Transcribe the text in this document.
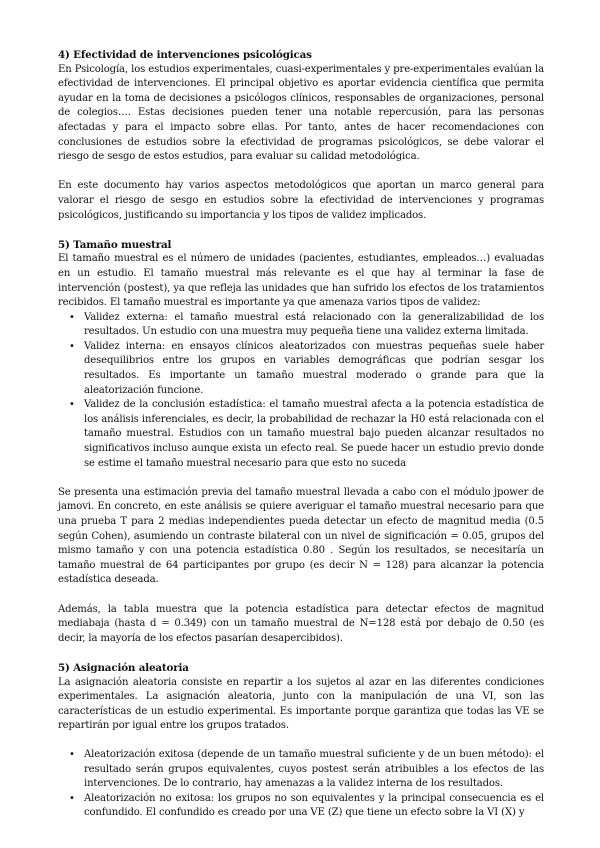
4) Efectividad de intervenciones psicológicas

En Psicología, los estudios experimentales, cuasi-experimentales y pre-experimentales evalúan la efectividad de intervenciones. El principal objetivo es aportar evidencia científica que permita ayudar en la toma de decisiones a psicólogos clínicos, responsables de organizaciones, personal de colegios…. Estas decisiones pueden tener una notable repercusión, para las personas afectadas y para el impacto sobre ellas. Por tanto, antes de hacer recomendaciones con conclusiones de estudios sobre la efectividad de programas psicológicos, se debe valorar el riesgo de sesgo de estos estudios, para evaluar su calidad metodológica.

En este documento hay varios aspectos metodológicos que aportan un marco general para valorar el riesgo de sesgo en estudios sobre la efectividad de intervenciones y programas psicológicos, justificando su importancia y los tipos de validez implicados.

5) Tamaño muestral

El tamaño muestral es el número de unidades (pacientes, estudiantes, empleados…) evaluadas en un estudio. El tamaño muestral más relevante es el que hay al terminar la fase de intervención (postest), ya que refleja las unidades que han sufrido los efectos de los tratamientos recibidos. El tamaño muestral es importante ya que amenaza varios tipos de validez:

• Validez externa: el tamaño muestral está relacionado con la generalizabilidad de los resultados. Un estudio con una muestra muy pequeña tiene una validez externa limitada.
• Validez interna: en ensayos clínicos aleatorizados con muestras pequeñas suele haber desequilibrios entre los grupos en variables demográficas que podrían sesgar los resultados. Es importante un tamaño muestral moderado o grande para que la aleatorización funcione.
• Validez de la conclusión estadística: el tamaño muestral afecta a la potencia estadística de los análisis inferenciales, es decir, la probabilidad de rechazar la H0 está relacionada con el tamaño muestral. Estudios con un tamaño muestral bajo pueden alcanzar resultados no significativos incluso aunque exista un efecto real. Se puede hacer un estudio previo donde se estime el tamaño muestral necesario para que esto no suceda

Se presenta una estimación previa del tamaño muestral llevada a cabo con el módulo jpower de jamovi. En concreto, en este análisis se quiere averiguar el tamaño muestral necesario para que una prueba T para 2 medias independientes pueda detectar un efecto de magnitud media (0.5 según Cohen), asumiendo un contraste bilateral con un nivel de significación = 0.05, grupos del mismo tamaño y con una potencia estadística 0.80 . Según los resultados, se necesitaría un tamaño muestral de 64 participantes por grupo (es decir N = 128) para alcanzar la potencia estadística deseada.

Además, la tabla muestra que la potencia estadística para detectar efectos de magnitud mediabaja (hasta d = 0.349) con un tamaño muestral de N=128 está por debajo de 0.50 (es decir, la mayoría de los efectos pasarían desapercibidos).

5) Asignación aleatoria

La asignación aleatoria consiste en repartir a los sujetos al azar en las diferentes condiciones experimentales. La asignación aleatoria, junto con la manipulación de una VI, son las características de un estudio experimental. Es importante porque garantiza que todas las VE se repartirán por igual entre los grupos tratados.

• Aleatorización exitosa (depende de un tamaño muestral suficiente y de un buen método): el resultado serán grupos equivalentes, cuyos postest serán atribuibles a los efectos de las intervenciones. De lo contrario, hay amenazas a la validez interna de los resultados.
• Aleatorización no exitosa: los grupos no son equivalentes y la principal consecuencia es el confundido. El confundido es creado por una VE (Z) que tiene un efecto sobre la VI (X) y
